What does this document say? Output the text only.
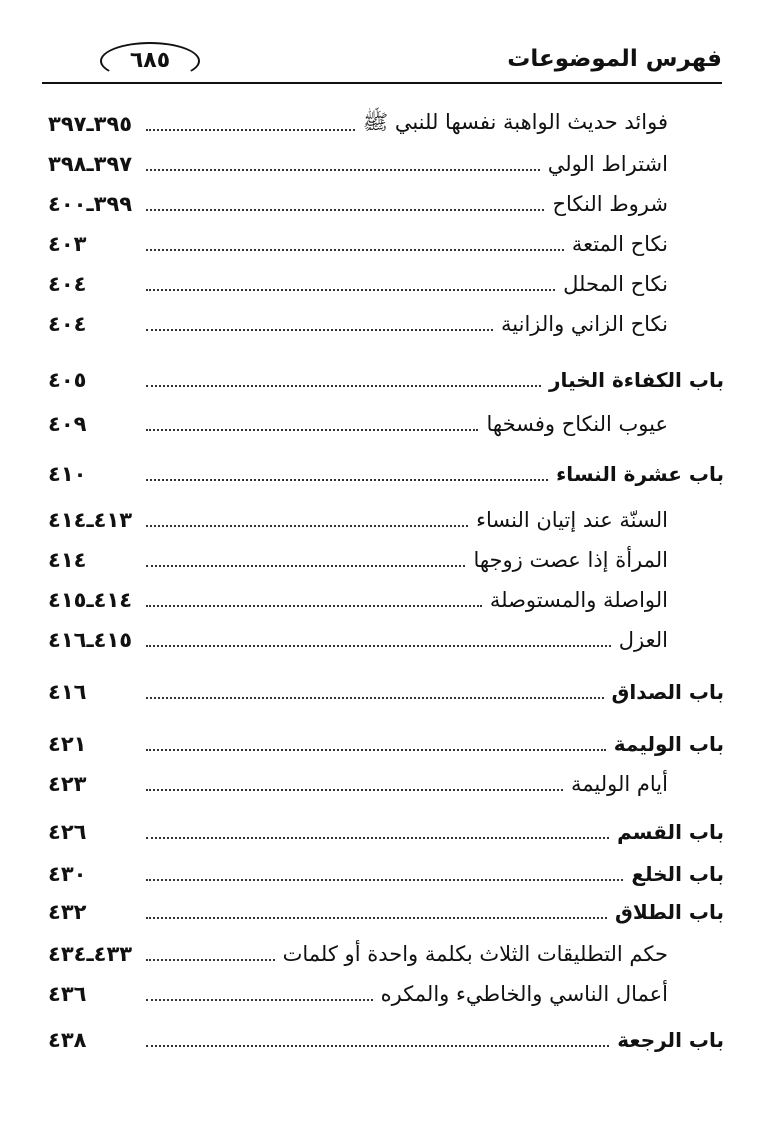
فهرس الموضوعات
٦٨٥
فوائد حديث الواهبة نفسها للنبي ﷺ
٣٩٥ـ٣٩٧
اشتراط الولي
٣٩٧ـ٣٩٨
شروط النكاح
٣٩٩ـ٤٠٠
نكاح المتعة
٤٠٣
نكاح المحلل
٤٠٤
نكاح الزاني والزانية
٤٠٤
باب الكفاءة الخيار
٤٠٥
عيوب النكاح وفسخها
٤٠٩
باب عشرة النساء
٤١٠
السنّة عند إتيان النساء
٤١٣ـ٤١٤
المرأة إذا عصت زوجها
٤١٤
الواصلة والمستوصلة
٤١٤ـ٤١٥
العزل
٤١٥ـ٤١٦
باب الصداق
٤١٦
باب الوليمة
٤٢١
أيام الوليمة
٤٢٣
باب القسم
٤٢٦
باب الخلع
٤٣٠
باب الطلاق
٤٣٢
حكم التطليقات الثلاث بكلمة واحدة أو كلمات
٤٣٣ـ٤٣٤
أعمال الناسي والخاطيء والمكره
٤٣٦
باب الرجعة
٤٣٨
